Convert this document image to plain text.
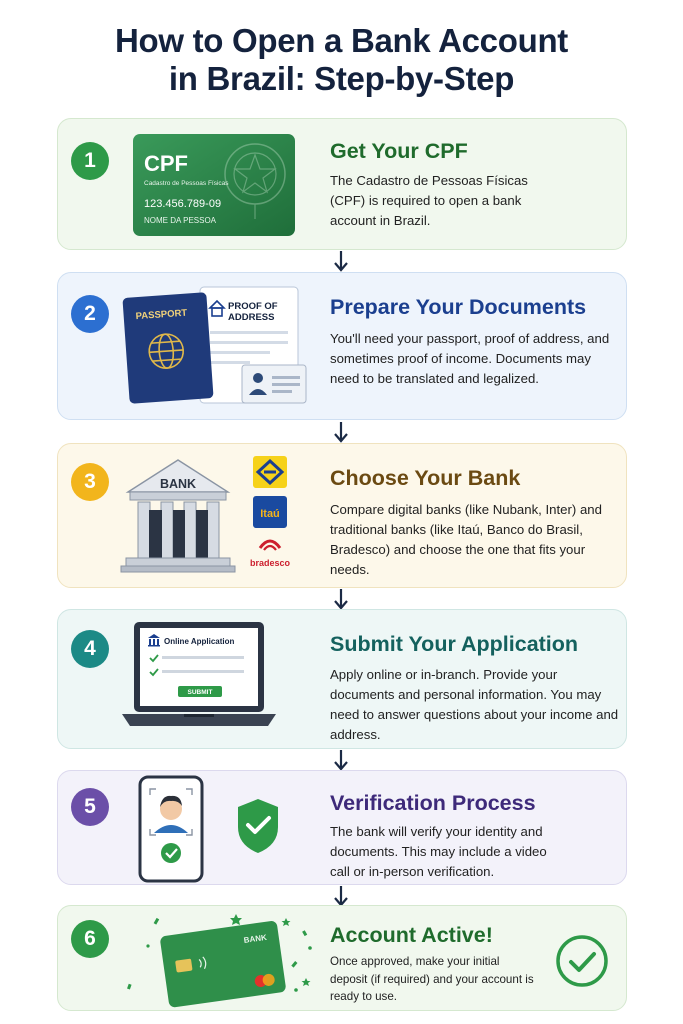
How to Open a Bank Account
in Brazil: Step-by-Step
1	CPF
Cadastro de Pessoas Físicas
123.456.789-09
NOME DA PESSOA
Get Your CPF
The Cadastro de Pessoas Físicas (CPF) is required to open a bank account in Brazil.
2	PROOF OF
ADDRESS
PASSPORT	Prepare Your Documents
You'll need your passport, proof of address, and sometimes proof of income. Documents may need to be translated and legalized.
3	BANK
Itaú
bradesco
Choose Your Bank
Compare digital banks (like Nubank, Inter) and traditional banks (like Itaú, Banco do Brasil, Bradesco) and choose the one that fits your needs.
4	Online Application
SUBMIT
Submit Your Application
Apply online or in-branch. Provide your documents and personal information. You may need to answer questions about your income and address.
5	Verification Process
The bank will verify your identity and documents. This may include a video call or in-person verification.
6	BANK	Account Active!
Once approved, make your initial deposit (if required) and your account is ready to use.
